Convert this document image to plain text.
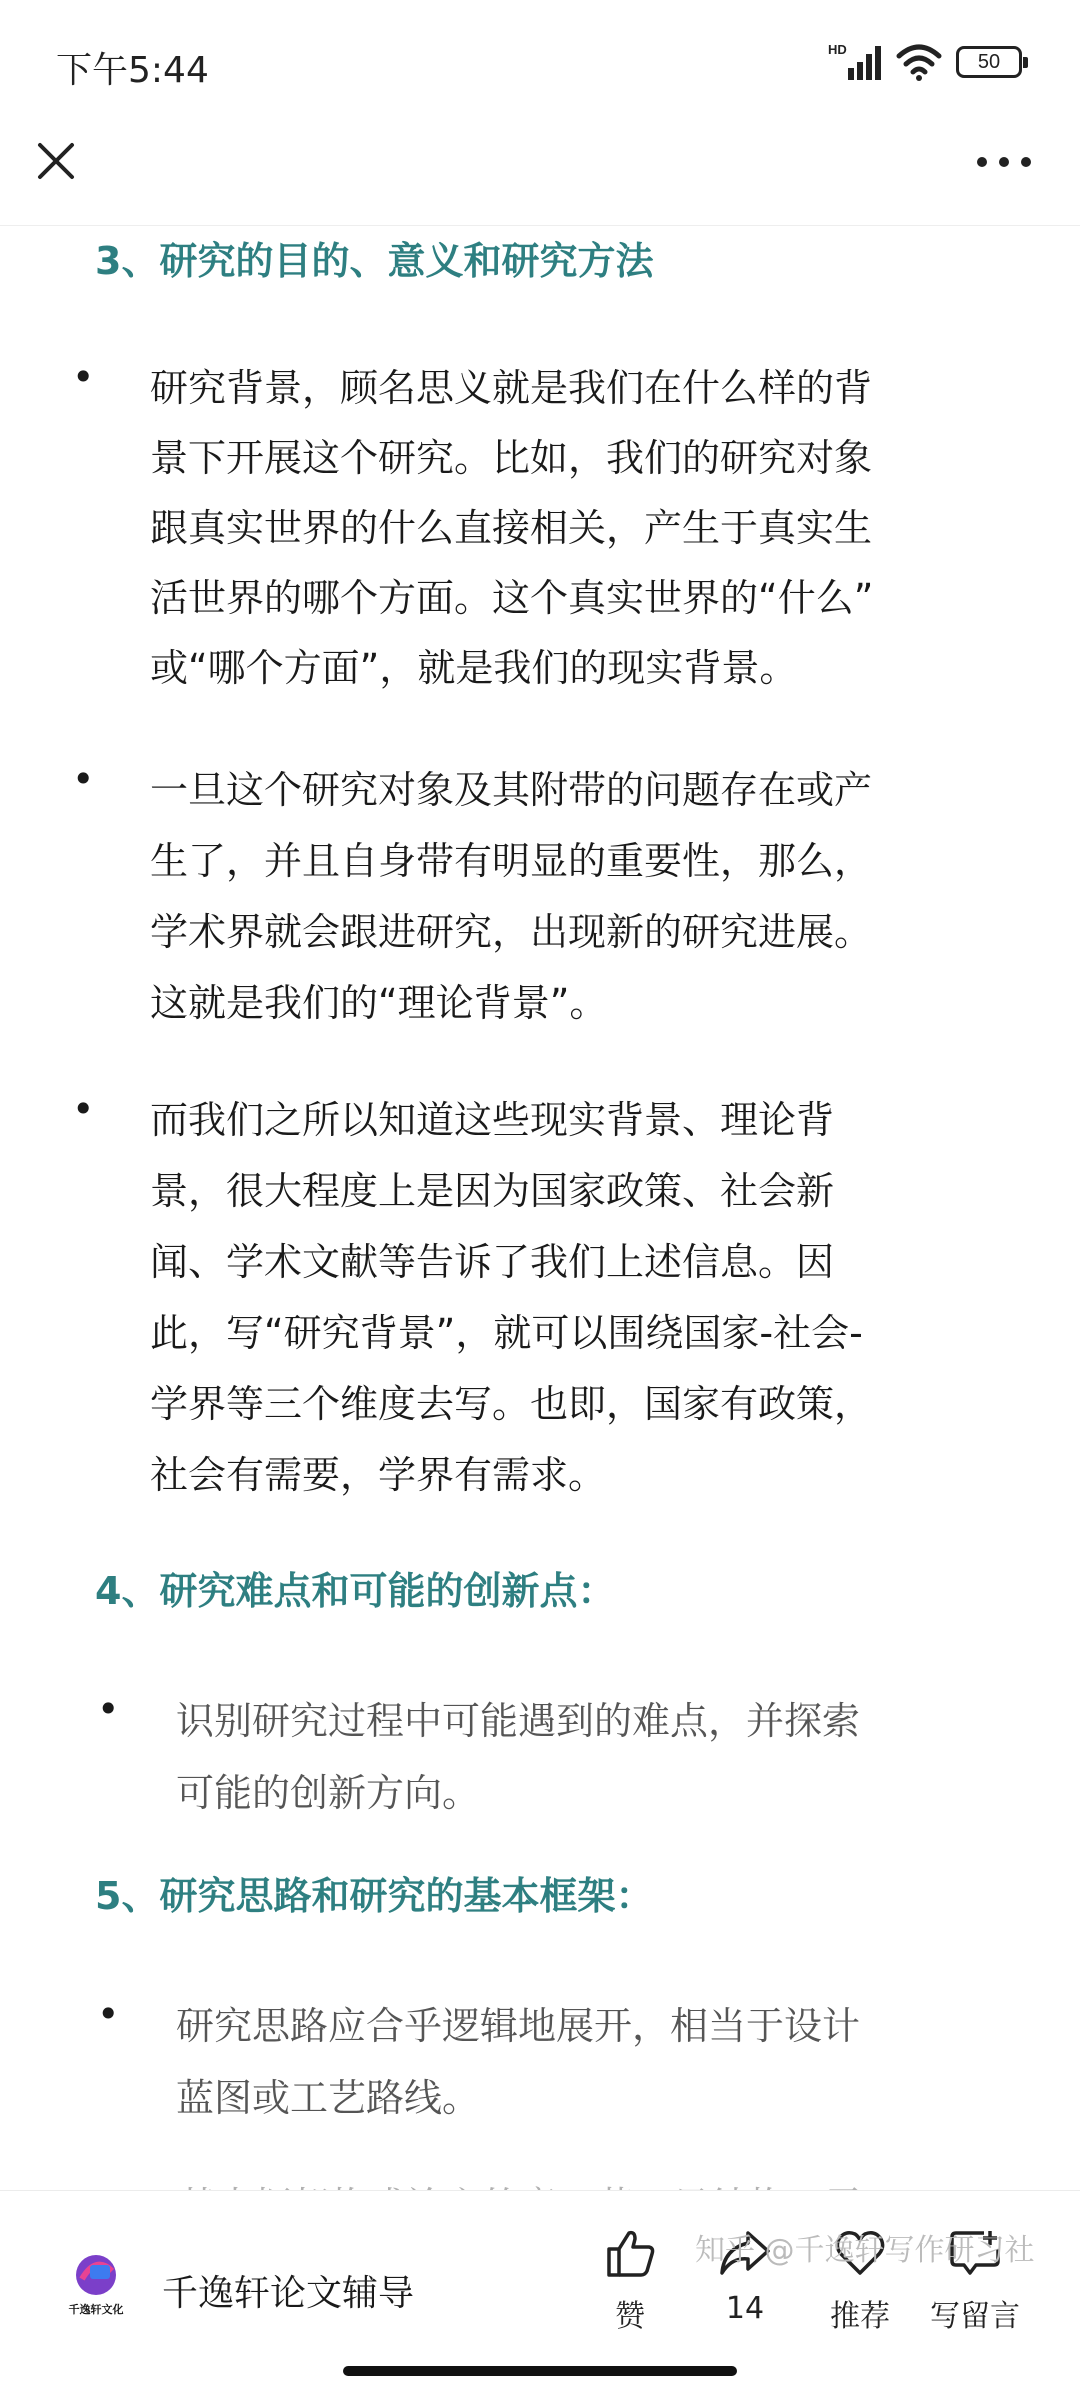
下午5:44
HD
50
3、研究的目的、意义和研究方法
• 研究背景，顾名思义就是我们在什么样的背
景下开展这个研究。比如，我们的研究对象
跟真实世界的什么直接相关，产生于真实生
活世界的哪个方面。这个真实世界的“什么”
或“哪个方面”，就是我们的现实背景。
• 一旦这个研究对象及其附带的问题存在或产
生了，并且自身带有明显的重要性，那么，
学术界就会跟进研究，出现新的研究进展。
这就是我们的“理论背景”。
• 而我们之所以知道这些现实背景、理论背
景，很大程度上是因为国家政策、社会新
闻、学术文献等告诉了我们上述信息。因
此，写“研究背景”，就可以围绕国家-社会-
学界等三个维度去写。也即，国家有政策，
社会有需要，学界有需求。
4、研究难点和可能的创新点：
• 识别研究过程中可能遇到的难点，并探索
可能的创新方向。
5、研究思路和研究的基本框架：
• 研究思路应合乎逻辑地展开，相当于设计
蓝图或工艺路线。
千逸轩文化 千逸轩论文辅导
赞	14	推荐	写留言
知乎 @千逸轩写作研习社
